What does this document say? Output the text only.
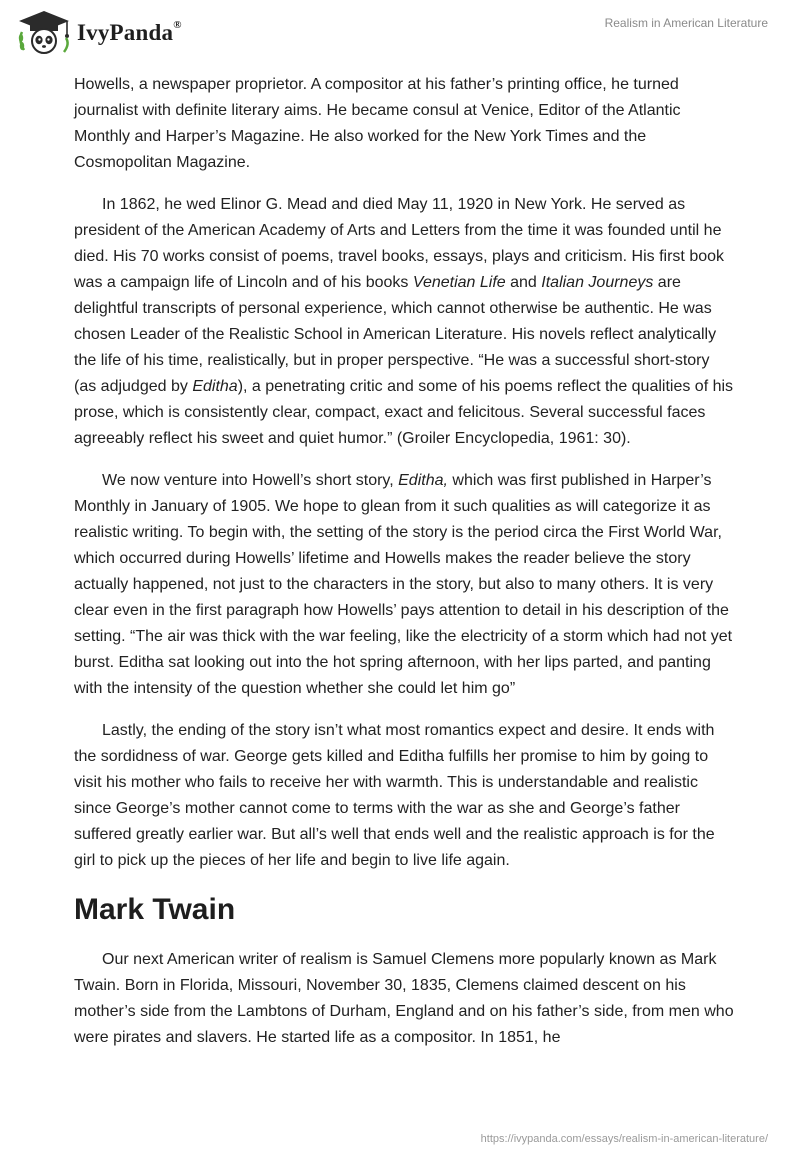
IvyPanda®	Realism in American Literature

Howells, a newspaper proprietor. A compositor at his father’s printing office, he turned journalist with definite literary aims. He became consul at Venice, Editor of the Atlantic Monthly and Harper’s Magazine. He also worked for the New York Times and the Cosmopolitan Magazine.

In 1862, he wed Elinor G. Mead and died May 11, 1920 in New York. He served as president of the American Academy of Arts and Letters from the time it was founded until he died. His 70 works consist of poems, travel books, essays, plays and criticism. His first book was a campaign life of Lincoln and of his books Venetian Life and Italian Journeys are delightful transcripts of personal experience, which cannot otherwise be authentic. He was chosen Leader of the Realistic School in American Literature. His novels reflect analytically the life of his time, realistically, but in proper perspective. “He was a successful short-story (as adjudged by Editha), a penetrating critic and some of his poems reflect the qualities of his prose, which is consistently clear, compact, exact and felicitous. Several successful faces agreeably reflect his sweet and quiet humor.” (Groiler Encyclopedia, 1961: 30).

We now venture into Howell’s short story, Editha, which was first published in Harper’s Monthly in January of 1905. We hope to glean from it such qualities as will categorize it as realistic writing. To begin with, the setting of the story is the period circa the First World War, which occurred during Howells’ lifetime and Howells makes the reader believe the story actually happened, not just to the characters in the story, but also to many others. It is very clear even in the first paragraph how Howells’ pays attention to detail in his description of the setting. “The air was thick with the war feeling, like the electricity of a storm which had not yet burst. Editha sat looking out into the hot spring afternoon, with her lips parted, and panting with the intensity of the question whether she could let him go”

Lastly, the ending of the story isn’t what most romantics expect and desire. It ends with the sordidness of war. George gets killed and Editha fulfills her promise to him by going to visit his mother who fails to receive her with warmth. This is understandable and realistic since George’s mother cannot come to terms with the war as she and George’s father suffered greatly earlier war. But all’s well that ends well and the realistic approach is for the girl to pick up the pieces of her life and begin to live life again.

Mark Twain

Our next American writer of realism is Samuel Clemens more popularly known as Mark Twain. Born in Florida, Missouri, November 30, 1835, Clemens claimed descent on his mother’s side from the Lambtons of Durham, England and on his father’s side, from men who were pirates and slavers. He started life as a compositor. In 1851, he

https://ivypanda.com/essays/realism-in-american-literature/
